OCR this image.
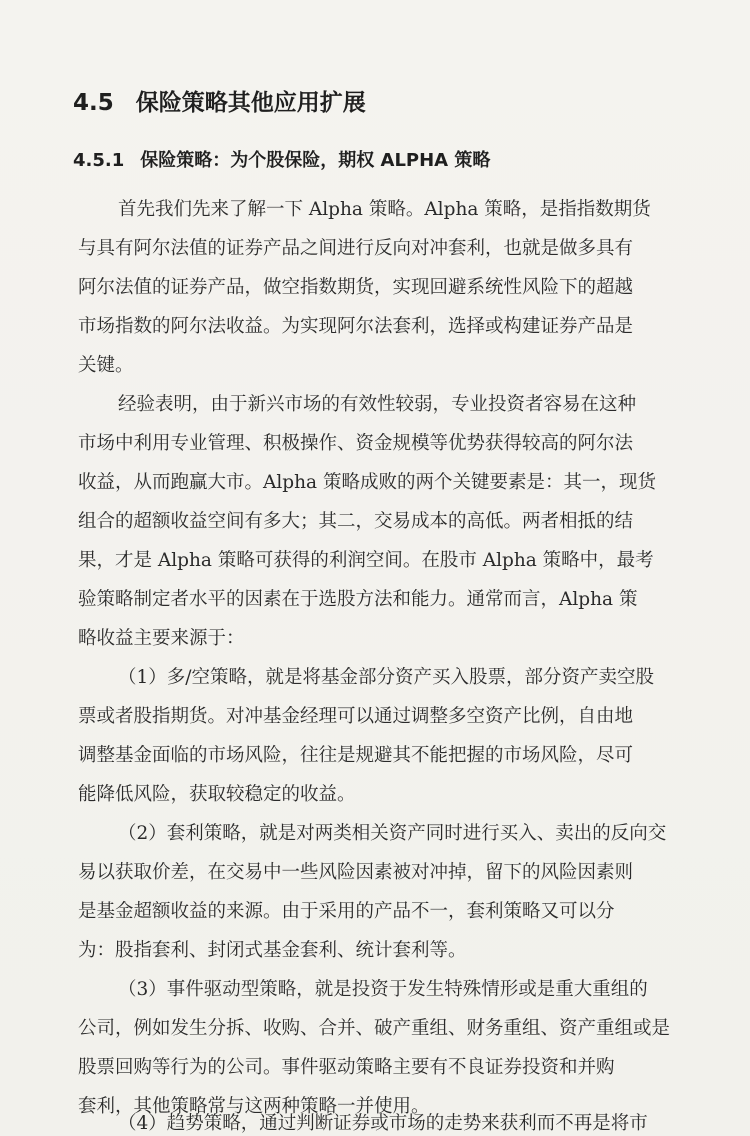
4.5 保险策略其他应用扩展
4.5.1 保险策略：为个股保险，期权 ALPHA 策略
首先我们先来了解一下 Alpha 策略。Alpha 策略，是指指数期货
与具有阿尔法值的证券产品之间进行反向对冲套利，也就是做多具有
阿尔法值的证券产品，做空指数期货，实现回避系统性风险下的超越
市场指数的阿尔法收益。为实现阿尔法套利，选择或构建证券产品是
关键。
经验表明，由于新兴市场的有效性较弱，专业投资者容易在这种
市场中利用专业管理、积极操作、资金规模等优势获得较高的阿尔法
收益，从而跑赢大市。Alpha 策略成败的两个关键要素是：其一，现货
组合的超额收益空间有多大；其二，交易成本的高低。两者相抵的结
果，才是 Alpha 策略可获得的利润空间。在股市 Alpha 策略中，最考
验策略制定者水平的因素在于选股方法和能力。通常而言，Alpha 策
略收益主要来源于：
（1）多/空策略，就是将基金部分资产买入股票，部分资产卖空股
票或者股指期货。对冲基金经理可以通过调整多空资产比例，自由地
调整基金面临的市场风险，往往是规避其不能把握的市场风险，尽可
能降低风险，获取较稳定的收益。
（2）套利策略，就是对两类相关资产同时进行买入、卖出的反向交
易以获取价差，在交易中一些风险因素被对冲掉，留下的风险因素则
是基金超额收益的来源。由于采用的产品不一，套利策略又可以分
为：股指套利、封闭式基金套利、统计套利等。
（3）事件驱动型策略，就是投资于发生特殊情形或是重大重组的
公司，例如发生分拆、收购、合并、破产重组、财务重组、资产重组或是
股票回购等行为的公司。事件驱动策略主要有不良证券投资和并购
套利，其他策略常与这两种策略一并使用。
（4）趋势策略，通过判断证券或市场的走势来获利而不再是将市
